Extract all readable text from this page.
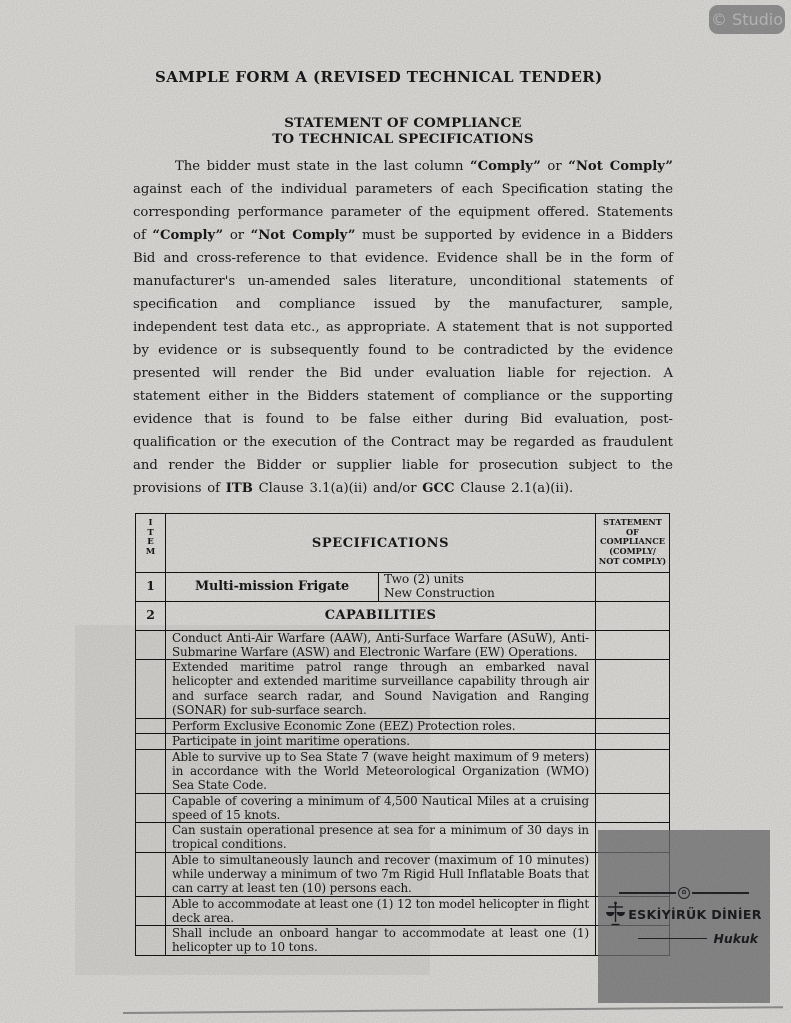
© Studio
SAMPLE FORM A (REVISED TECHNICAL TENDER)
STATEMENT OF COMPLIANCE
TO TECHNICAL SPECIFICATIONS

The bidder must state in the last column “Comply” or “Not Comply” against each of the individual parameters of each Specification stating the corresponding performance parameter of the equipment offered. Statements of “Comply” or “Not Comply” must be supported by evidence in a Bidders Bid and cross-reference to that evidence. Evidence shall be in the form of manufacturer's un-amended sales literature, unconditional statements of specification and compliance issued by the manufacturer, sample, independent test data etc., as appropriate. A statement that is not supported by evidence or is subsequently found to be contradicted by the evidence presented will render the Bid under evaluation liable for rejection. A statement either in the Bidders statement of compliance or the supporting evidence that is found to be false either during Bid evaluation, post-qualification or the execution of the Contract may be regarded as fraudulent and render the Bidder or supplier liable for prosecution subject to the provisions of ITB Clause 3.1(a)(ii) and/or GCC Clause 2.1(a)(ii).

I
T
E
M
SPECIFICATIONS
STATEMENT
OF
COMPLIANCE
(COMPLY/
NOT COMPLY)
1	Multi-mission Frigate
Two (2) units
New Construction
2	CAPABILITIES
Conduct Anti-Air Warfare (AAW), Anti-Surface Warfare (ASuW), Anti-Submarine Warfare (ASW) and Electronic Warfare (EW) Operations.
Extended maritime patrol range through an embarked naval helicopter and extended maritime surveillance capability through air and surface search radar, and Sound Navigation and Ranging (SONAR) for sub-surface search.
Perform Exclusive Economic Zone (EEZ) Protection roles.
Participate in joint maritime operations.
Able to survive up to Sea State 7 (wave height maximum of 9 meters) in accordance with the World Meteorological Organization (WMO) Sea State Code.
Capable of covering a minimum of 4,500 Nautical Miles at a cruising speed of 15 knots.
Can sustain operational presence at sea for a minimum of 30 days in tropical conditions.
Able to simultaneously launch and recover (maximum of 10 minutes) while underway a minimum of two 7m Rigid Hull Inflatable Boats that can carry at least ten (10) persons each.
Able to accommodate at least one (1) 12 ton model helicopter in flight deck area.
Shall include an onboard hangar to accommodate at least one (1) helicopter up to 10 tons.
Ω
ESKİYİRÜK DİNİER
Hukuk
